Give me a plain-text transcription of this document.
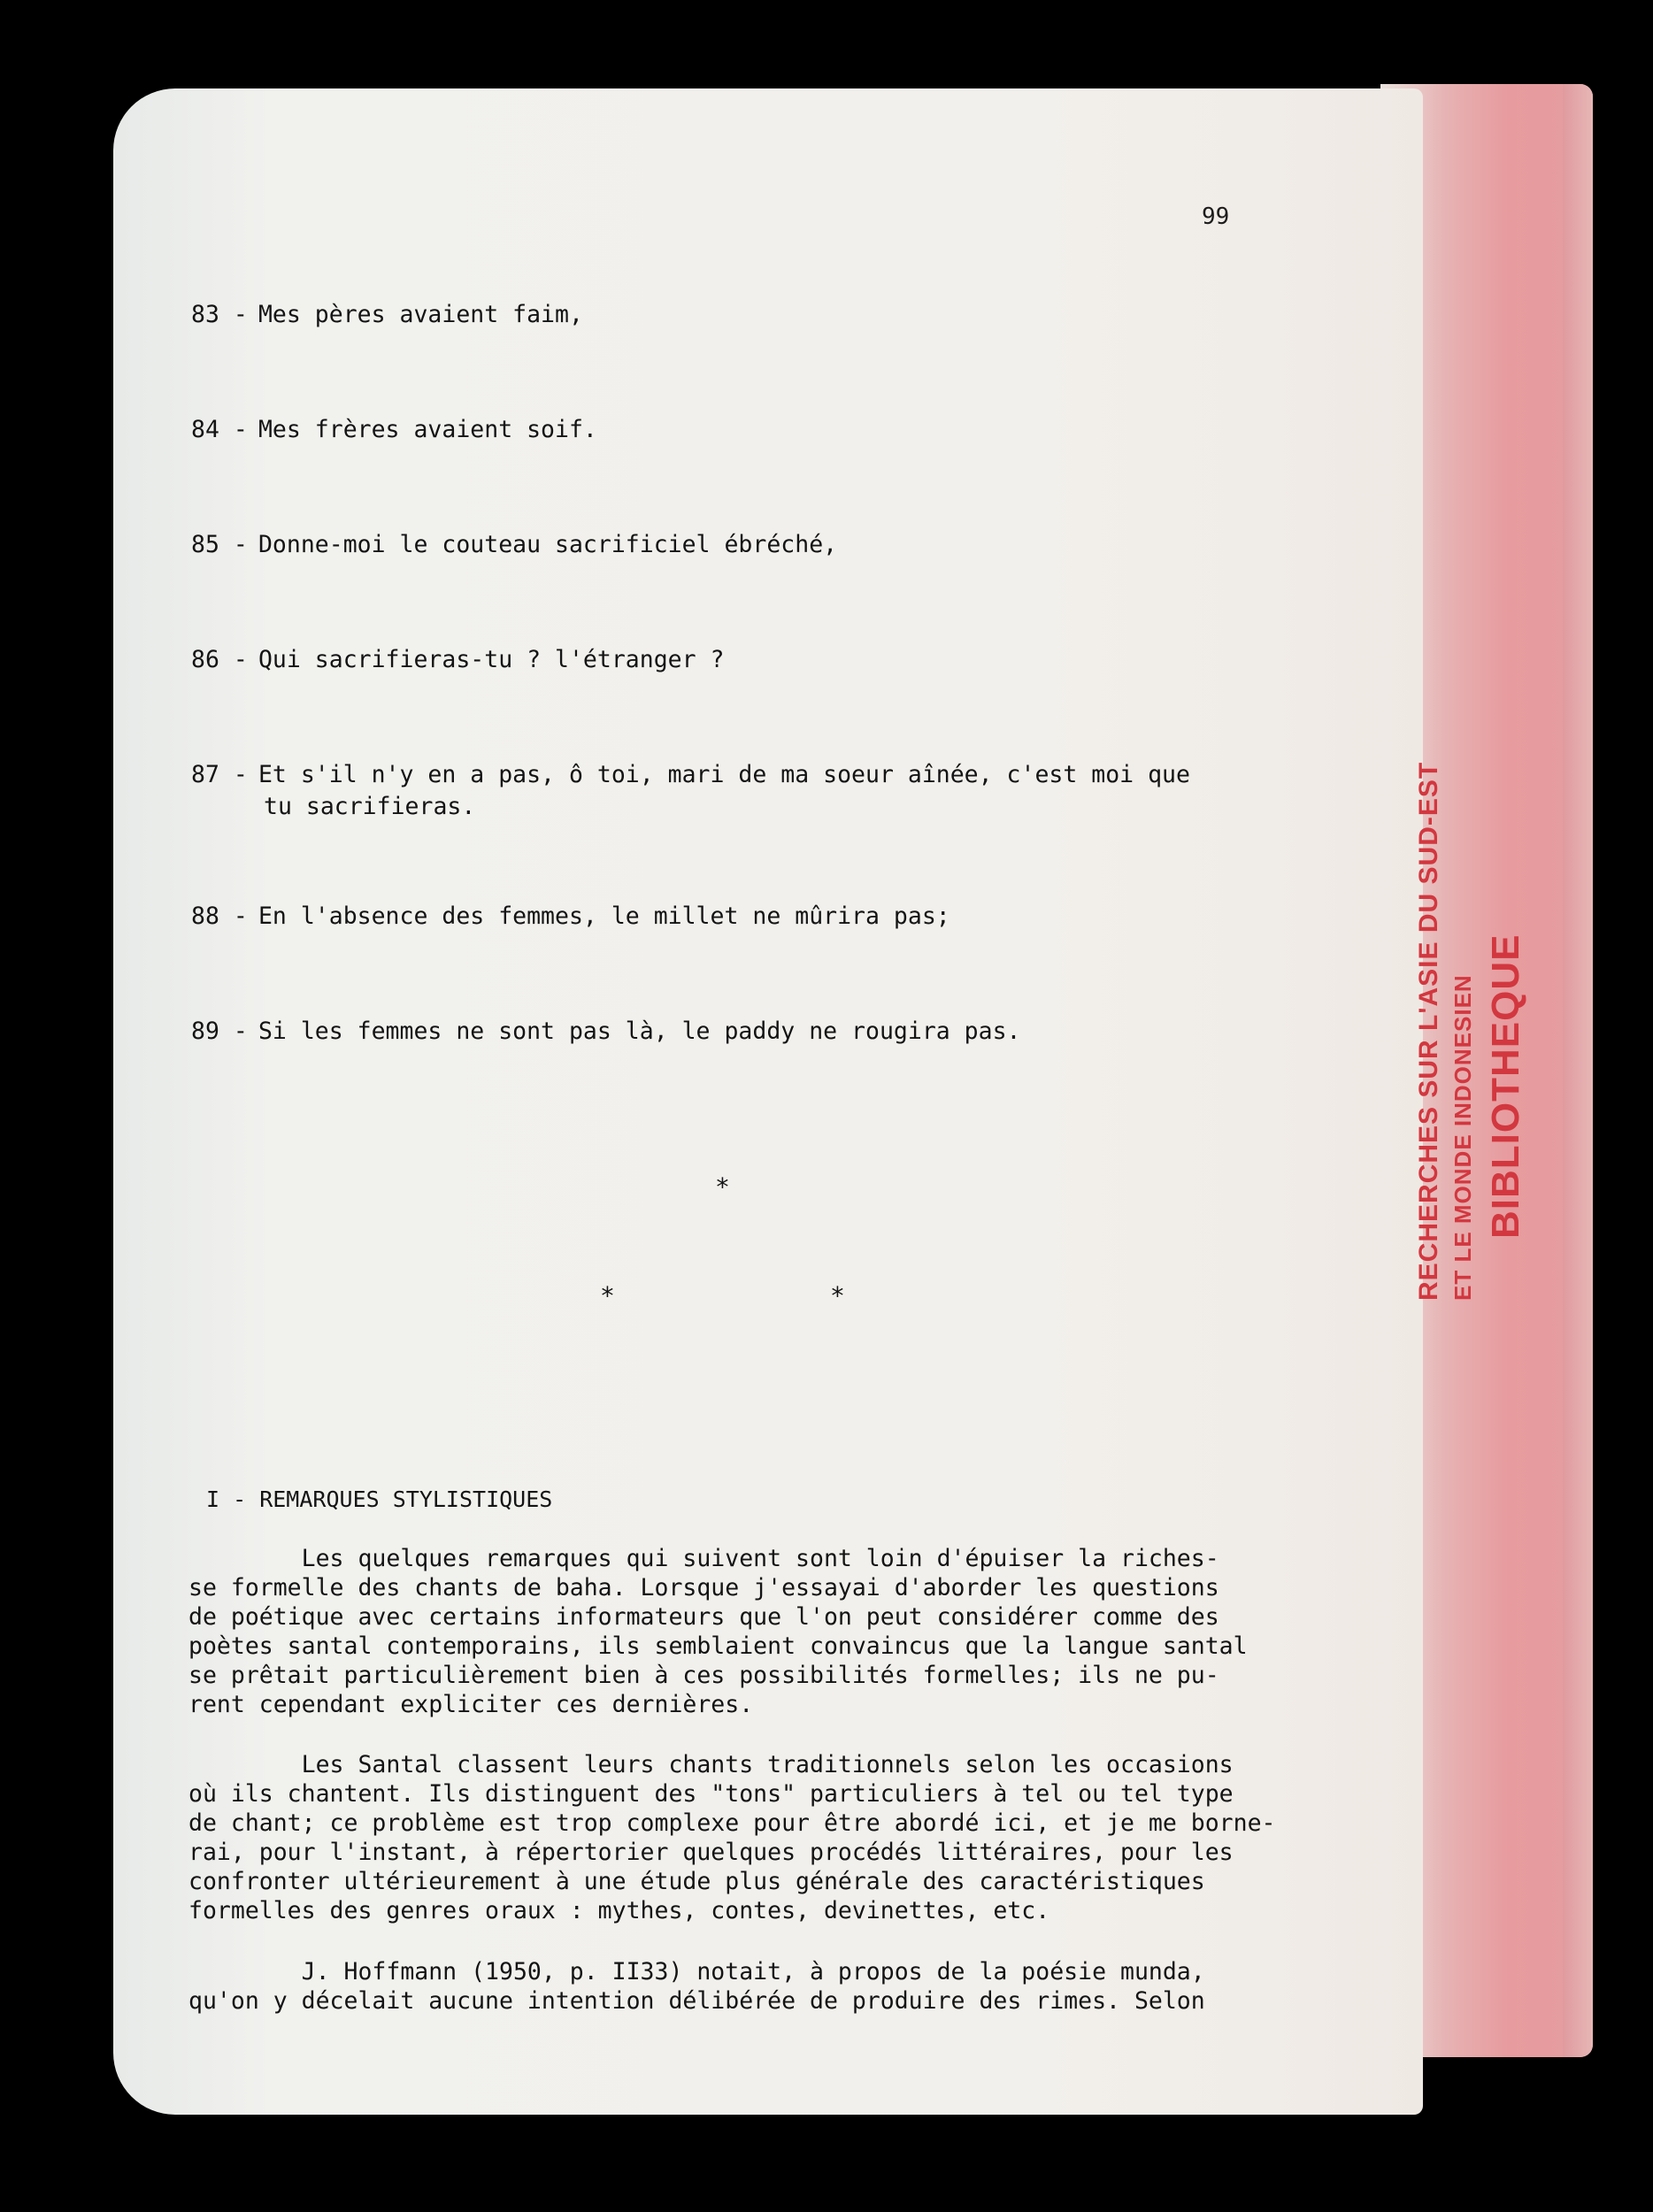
99
83 - Mes pères avaient faim,
84 - Mes frères avaient soif.
85 - Donne-moi le couteau sacrificiel ébréché,
86 - Qui sacrifieras-tu ? l'étranger ?
87 - Et s'il n'y en a pas, ô toi, mari de ma soeur aînée, c'est moi que
tu sacrifieras.
88 - En l'absence des femmes, le millet ne mûrira pas;
89 - Si les femmes ne sont pas là, le paddy ne rougira pas.
*
*	*
I - REMARQUES STYLISTIQUES
Les quelques remarques qui suivent sont loin d'épuiser la riches-
se formelle des chants de baha. Lorsque j'essayai d'aborder les questions
de poétique avec certains informateurs que l'on peut considérer comme des
poètes santal contemporains, ils semblaient convaincus que la langue santal
se prêtait particulièrement bien à ces possibilités formelles; ils ne pu-
rent cependant expliciter ces dernières.
Les Santal classent leurs chants traditionnels selon les occasions
où ils chantent. Ils distinguent des "tons" particuliers à tel ou tel type
de chant; ce problème est trop complexe pour être abordé ici, et je me borne-
rai, pour l'instant, à répertorier quelques procédés littéraires, pour les
confronter ultérieurement à une étude plus générale des caractéristiques
formelles des genres oraux : mythes, contes, devinettes, etc.
J. Hoffmann (1950, p. II33) notait, à propos de la poésie munda,
qu'on y décelait aucune intention délibérée de produire des rimes. Selon
RECHERCHES SUR L'ASIE DU SUD-EST ET LE MONDE INDONESIEN BIBLIOTHEQUE
